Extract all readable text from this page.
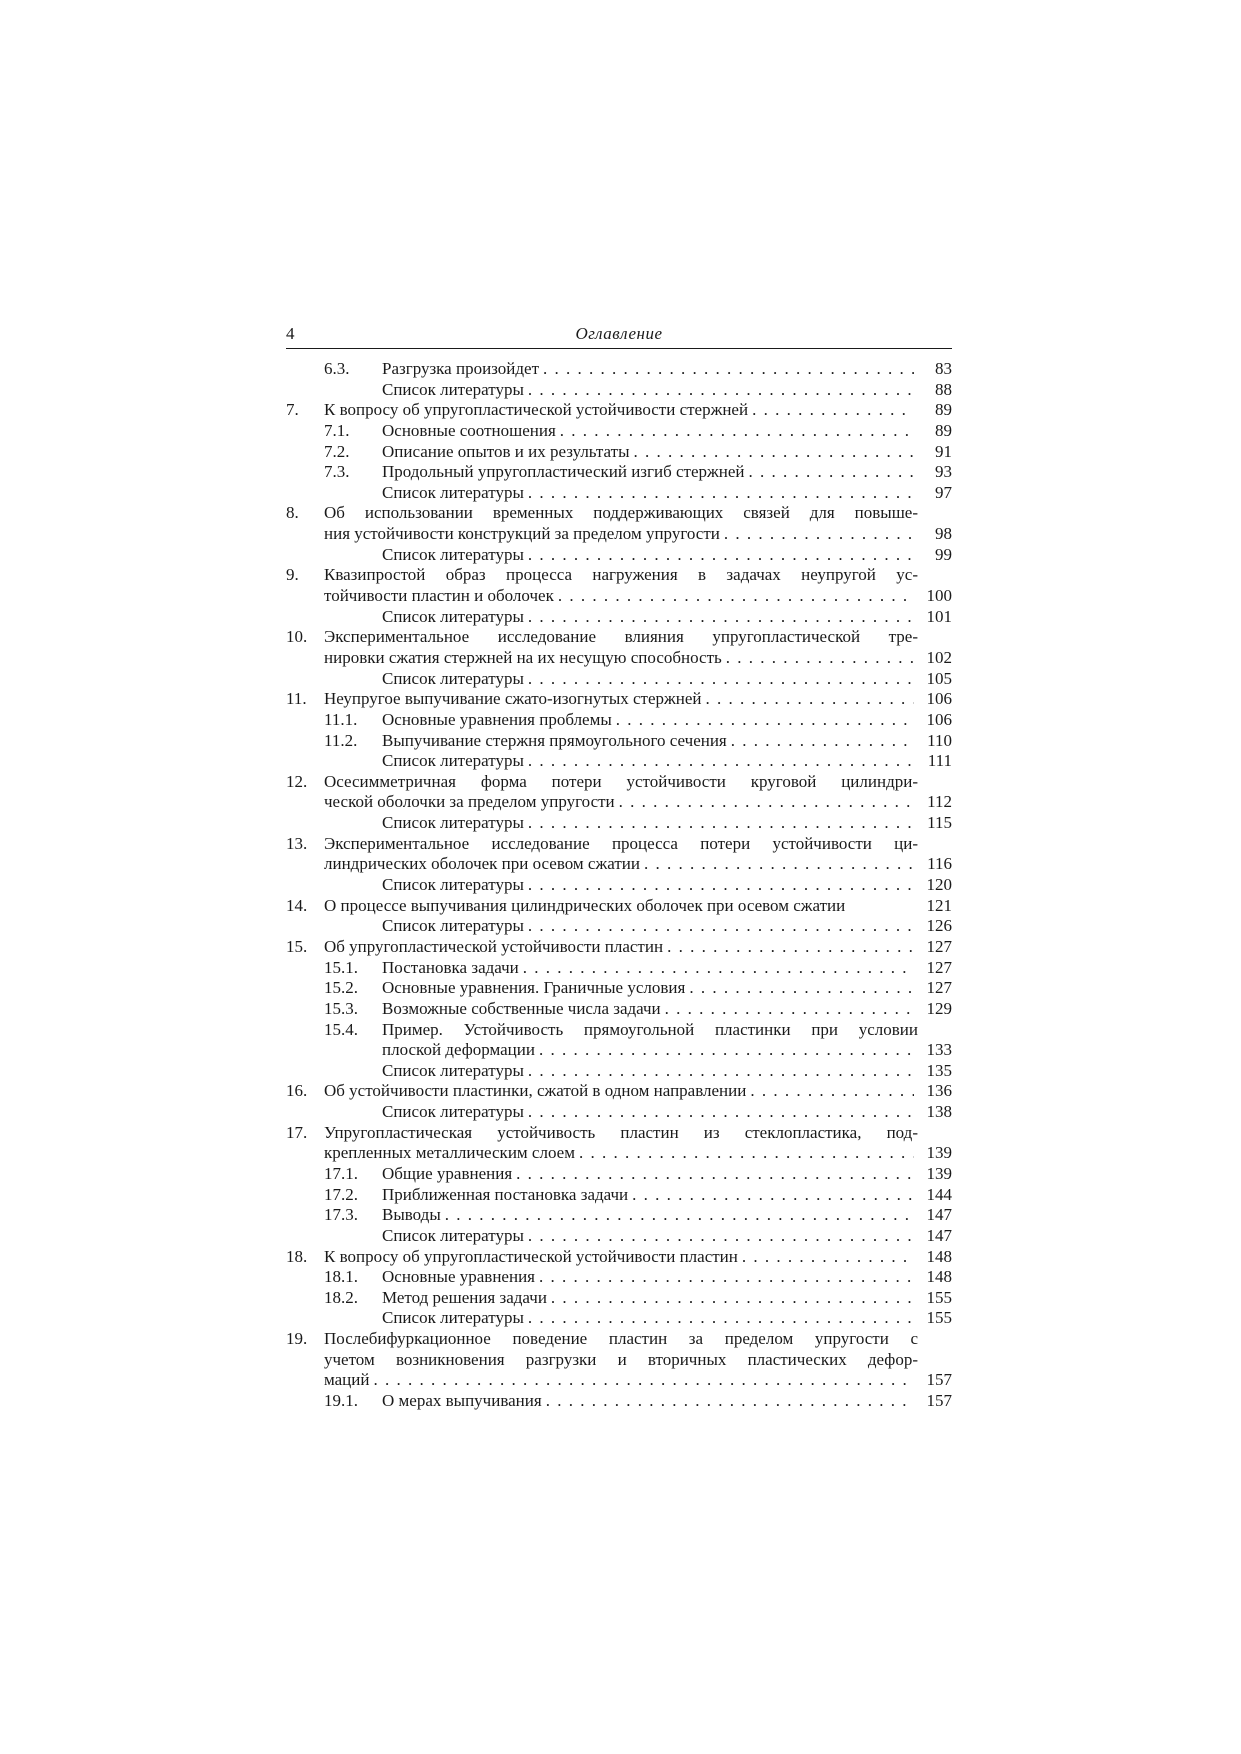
4	Оглавление
6.3.	Разгрузка произойдет . . .	83
Список литературы . . .	88
7.	К вопросу об упругопластической устойчивости стержней . . .	89
7.1.	Основные соотношения . . .	89
7.2.	Описание опытов и их результаты . . .	91
7.3.	Продольный упругопластический изгиб стержней . . .	93
Список литературы . . .	97
8.	Об использовании временных поддерживающих связей для повыше-
ния устойчивости конструкций за пределом упругости . . .	98
Список литературы . . .	99
9.	Квазипростой образ процесса нагружения в задачах неупругой ус-
тойчивости пластин и оболочек . . .	100
Список литературы . . .	101
10. Экспериментальное исследование влияния упругопластической тре-
нировки сжатия стержней на их несущую способность . . .	102
Список литературы . . .	105
11.	Неупругое выпучивание сжато-изогнутых стержней . . .	106
11.1.	Основные уравнения проблемы . . .	106
11.2.	Выпучивание стержня прямоугольного сечения . . .	110
Список литературы . . .	111
12. Осесимметричная форма потери устойчивости круговой цилиндри-
ческой оболочки за пределом упругости . . .	112
Список литературы . . .	115
13. Экспериментальное исследование процесса потери устойчивости ци-
линдрических оболочек при осевом сжатии . . .	116
Список литературы . . .	120
14. О процессе выпучивания цилиндрических оболочек при осевом сжатии	121
Список литературы . . .	126
15. Об упругопластической устойчивости пластин . . .	127
15.1.	Постановка задачи . . .	127
15.2.	Основные уравнения. Граничные условия . . .	127
15.3.	Возможные собственные числа задачи . . .	129
15.4.	Пример. Устойчивость прямоугольной пластинки при условии
плоской деформации . . .	133
Список литературы . . .	135
16. Об устойчивости пластинки, сжатой в одном направлении . . .	136
Список литературы . . .	138
17. Упругопластическая устойчивость пластин из стеклопластика, под-
крепленных металлическим слоем . . .	139
17.1.	Общие уравнения . . .	139
17.2.	Приближенная постановка задачи . . .	144
17.3.	Выводы . . .	147
Список литературы . . .	147
18. К вопросу об упругопластической устойчивости пластин . . .	148
18.1.	Основные уравнения . . .	148
18.2.	Метод решения задачи . . .	155
Список литературы . . .	155
19. Послебифуркационное поведение пластин за пределом упругости с
учетом возникновения разгрузки и вторичных пластических дефор-
маций . . .	157
19.1.	О мерах выпучивания . . .	157
